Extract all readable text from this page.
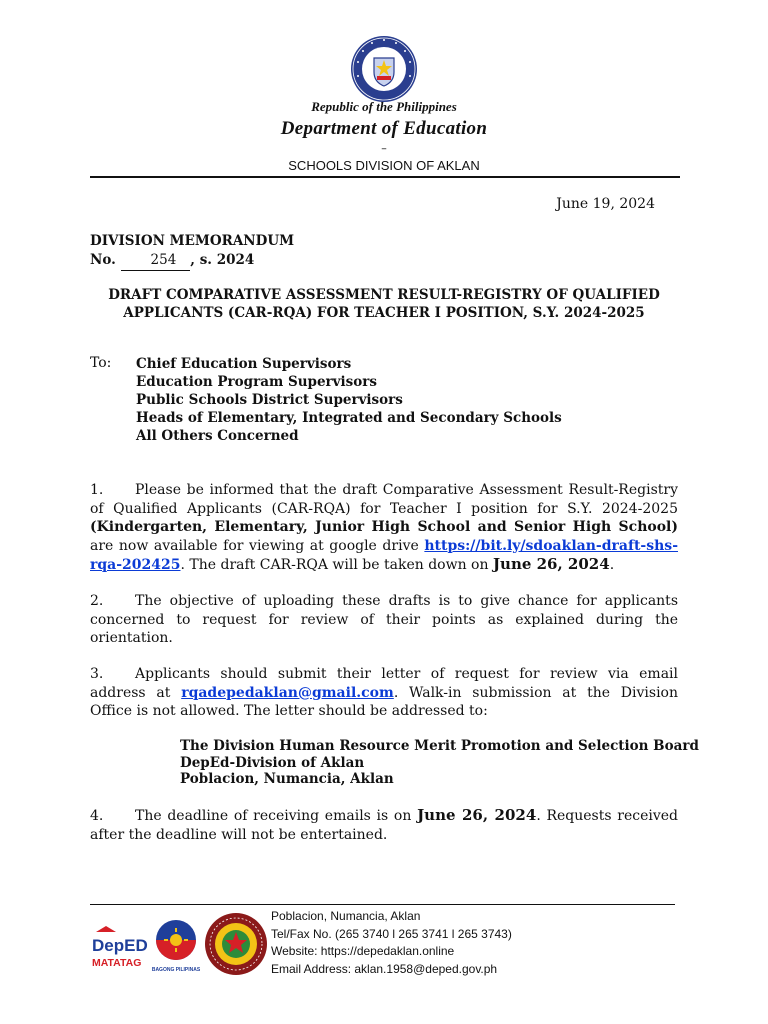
Republic of the Philippines
Department of Education
–
SCHOOLS DIVISION OF AKLAN
June 19, 2024
DIVISION MEMORANDUM
No.	254 , s. 2024
DRAFT COMPARATIVE ASSESSMENT RESULT-REGISTRY OF QUALIFIED
APPLICANTS (CAR-RQA) FOR TEACHER I POSITION, S.Y. 2024-2025
To: Chief Education Supervisors
Education Program Supervisors
Public Schools District Supervisors
Heads of Elementary, Integrated and Secondary Schools
All Others Concerned
1. Please be informed that the draft Comparative Assessment Result-Registry of Qualified Applicants (CAR-RQA) for Teacher I position for S.Y. 2024-2025 (Kindergarten, Elementary, Junior High School and Senior High School) are now available for viewing at google drive https://bit.ly/sdoaklan-draft-shs-rqa-202425. The draft CAR-RQA will be taken down on June 26, 2024.
2. The objective of uploading these drafts is to give chance for applicants concerned to request for review of their points as explained during the orientation.
3. Applicants should submit their letter of request for review via email address at rqadepedaklan@gmail.com. Walk-in submission at the Division Office is not allowed. The letter should be addressed to:
The Division Human Resource Merit Promotion and Selection Board
DepEd-Division of Aklan
Poblacion, Numancia, Aklan
4. The deadline of receiving emails is on June 26, 2024. Requests received after the deadline will not be entertained.
DepED
MATATAG
BAGONG PILIPINAS
Poblacion, Numancia, Aklan
Tel/Fax No. (265 3740 l 265 3741 l 265 3743)
Website: https://depedaklan.online
Email Address: aklan.1958@deped.gov.ph
